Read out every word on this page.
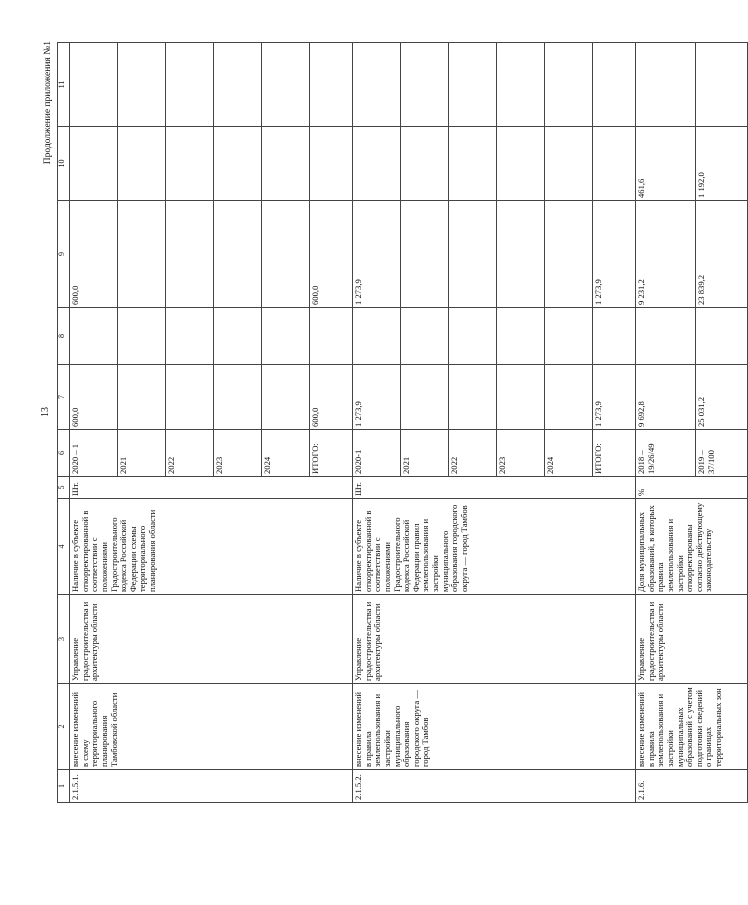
13
Продолжение приложения №1
1	2	3	4	5	6	7	8	9	10	11
2.1.5.1.	внесение изменений в схему территориального планирования Тамбовской области	Управление градостроительства и архитектуры области	Наличие в субъекте откорректированной в соответствии с положениями Градостроительного кодекса Российской Федерации схемы территориального планирования области	Шт.	2020 – 1	600,0		600,0		
					2021					
					2022					
					2023					
					2024					
					ИТОГО:	600,0		600,0		
2.1.5.2.	внесение изменений в правила землепользования и застройки муниципального образования городского округа — город Тамбов	Управление градостроительства и архитектуры области	Наличие в субъекте откорректированной в соответствии с положениями Градостроительного кодекса Российской Федерации правил землепользования и застройки муниципального образования городского округа — город Тамбов	Шт.	2020-1	1 273,9		1 273,9		
					2021					
					2022					
					2023					
					2024					
					ИТОГО:	1 273,9		1 273,9		
2.1.6.	внесение изменений в правила землепользования и застройки муниципальных образований с учетом подготовки сведений о границах территориальных зон	Управление градостроительства и архитектуры области	Доля муниципальных образований, в которых правила землепользования и застройки откорректированы согласно действующему законодательству	%	2018 – 19/26/49	9 692,8		9 231,2	461,6	
					2019 – 37/100	25 031,2		23 839,2	1 192,0	
